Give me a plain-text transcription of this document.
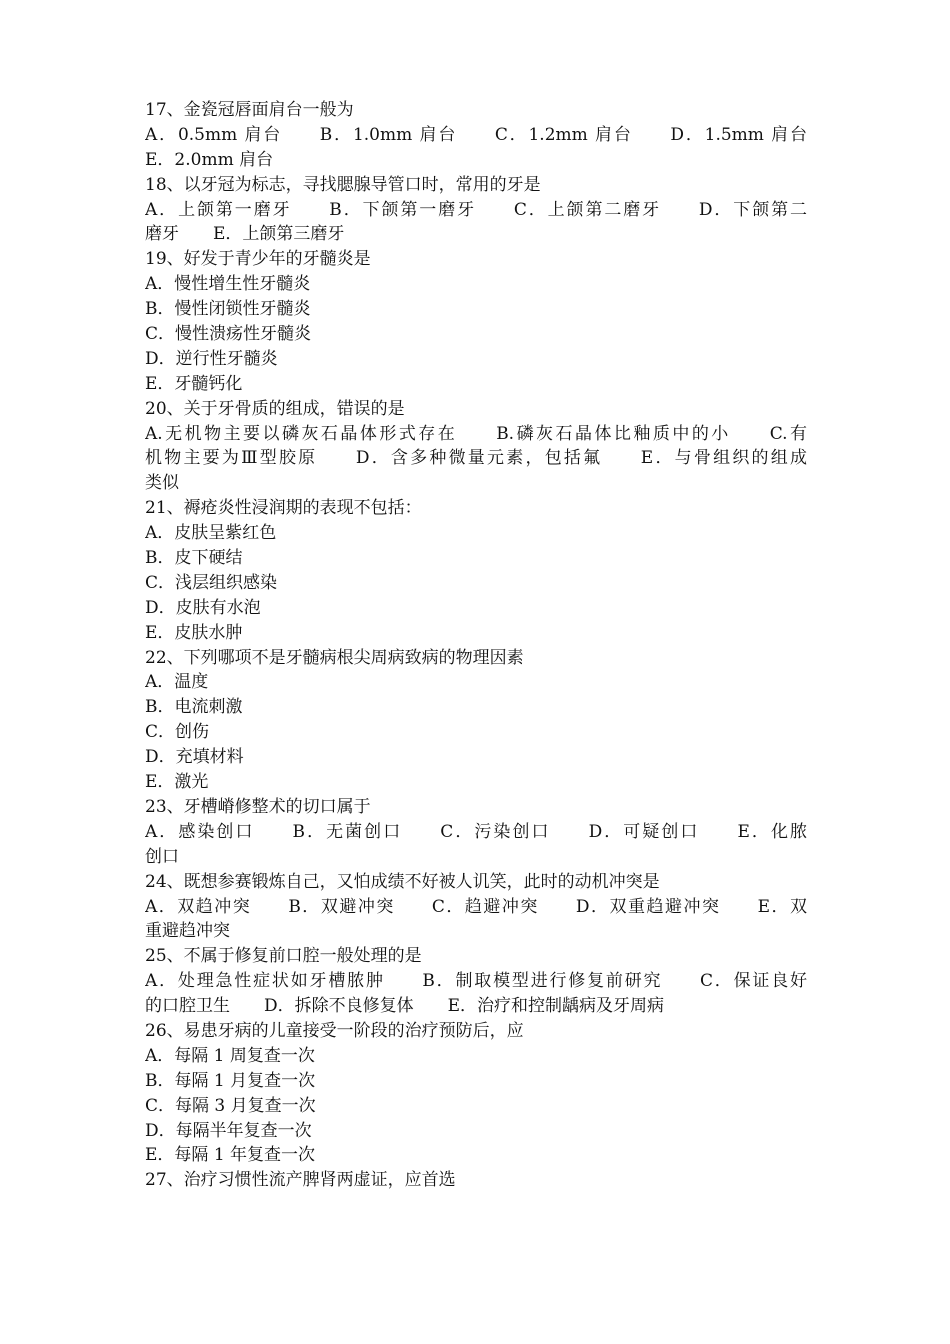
17、金瓷冠唇面肩台一般为
A．0.5mm 肩台　　B．1.0mm 肩台　　C．1.2mm 肩台　　D．1.5mm 肩台
E．2.0mm 肩台
18、以牙冠为标志，寻找腮腺导管口时，常用的牙是
A．上颌第一磨牙　　B．下颌第一磨牙　　C．上颌第二磨牙　　D．下颌第二
磨牙　　E．上颌第三磨牙
19、好发于青少年的牙髓炎是
A．慢性增生性牙髓炎
B．慢性闭锁性牙髓炎
C．慢性溃疡性牙髓炎
D．逆行性牙髓炎
E．牙髓钙化
20、关于牙骨质的组成，错误的是
A.无机物主要以磷灰石晶体形式存在　　B.磷灰石晶体比釉质中的小　　C.有
机物主要为Ⅲ型胶原　　D．含多种微量元素，包括氟　　E．与骨组织的组成
类似
21、褥疮炎性浸润期的表现不包括：
A．皮肤呈紫红色
B．皮下硬结
C．浅层组织感染
D．皮肤有水泡
E．皮肤水肿
22、下列哪项不是牙髓病根尖周病致病的物理因素
A．温度
B．电流刺激
C．创伤
D．充填材料
E．激光
23、牙槽嵴修整术的切口属于
A．感染创口　　B．无菌创口　　C．污染创口　　D．可疑创口　　E．化脓
创口
24、既想参赛锻炼自己，又怕成绩不好被人讥笑，此时的动机冲突是
A．双趋冲突　　B．双避冲突　　C．趋避冲突　　D．双重趋避冲突　　E．双
重避趋冲突
25、不属于修复前口腔一般处理的是
A．处理急性症状如牙槽脓肿　　B．制取模型进行修复前研究　　C．保证良好
的口腔卫生　　D．拆除不良修复体　　E．治疗和控制龋病及牙周病
26、易患牙病的儿童接受一阶段的治疗预防后，应
A．每隔 1 周复查一次
B．每隔 1 月复查一次
C．每隔 3 月复查一次
D．每隔半年复查一次
E．每隔 1 年复查一次
27、治疗习惯性流产脾肾两虚证，应首选
